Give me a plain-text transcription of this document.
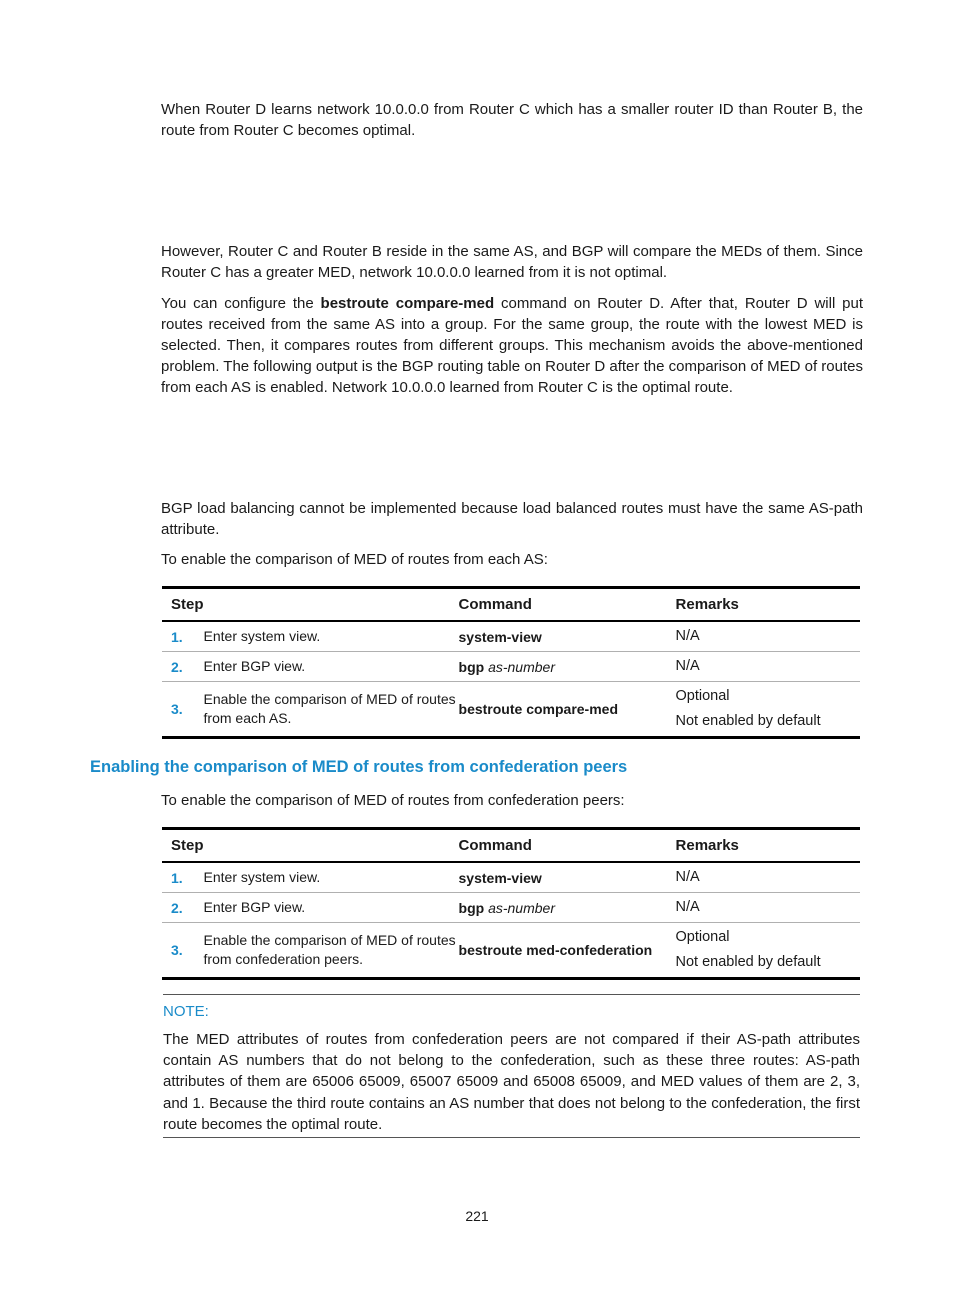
When Router D learns network 10.0.0.0 from Router C which has a smaller router ID than Router B, the route from Router C becomes optimal.

However, Router C and Router B reside in the same AS, and BGP will compare the MEDs of them. Since Router C has a greater MED, network 10.0.0.0 learned from it is not optimal.

You can configure the bestroute compare-med command on Router D. After that, Router D will put routes received from the same AS into a group. For the same group, the route with the lowest MED is selected. Then, it compares routes from different groups. This mechanism avoids the above-mentioned problem. The following output is the BGP routing table on Router D after the comparison of MED of routes from each AS is enabled. Network 10.0.0.0 learned from Router C is the optimal route.

BGP load balancing cannot be implemented because load balanced routes must have the same AS-path attribute.

To enable the comparison of MED of routes from each AS:

Step		Command	Remarks
1.	Enter system view.	system-view	N/A
2.	Enter BGP view.	bgp as-number	N/A
3.	Enable the comparison of MED of routes from each AS.	bestroute compare-med	Optional
Not enabled by default
Enabling the comparison of MED of routes from confederation peers

To enable the comparison of MED of routes from confederation peers:

Step		Command	Remarks
1.	Enter system view.	system-view	N/A
2.	Enter BGP view.	bgp as-number	N/A
3.	Enable the comparison of MED of routes from confederation peers.	bestroute med-confederation	Optional
Not enabled by default

NOTE:

The MED attributes of routes from confederation peers are not compared if their AS-path attributes contain AS numbers that do not belong to the confederation, such as these three routes: AS-path attributes of them are 65006 65009, 65007 65009 and 65008 65009, and MED values of them are 2, 3, and 1. Because the third route contains an AS number that does not belong to the confederation, the first route becomes the optimal route.

221
